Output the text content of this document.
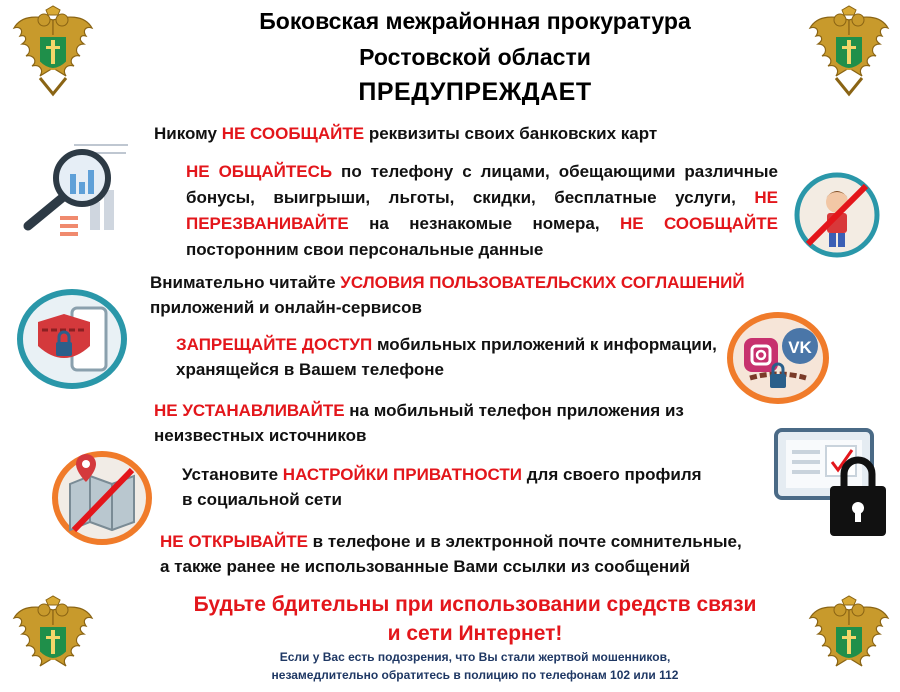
Боковская межрайонная прокуратура
Ростовской области
ПРЕДУПРЕЖДАЕТ
Никому НЕ СООБЩАЙТЕ реквизиты своих банковских карт
НЕ ОБЩАЙТЕСЬ по телефону с лицами, обещающими различные бонусы, выигрыши, льготы, скидки, бесплатные услуги, НЕ ПЕРЕЗВАНИВАЙТЕ на незнакомые номера, НЕ СООБЩАЙТЕ посторонним свои персональные данные
Внимательно читайте УСЛОВИЯ ПОЛЬЗОВАТЕЛЬСКИХ СОГЛАШЕНИЙ
приложений и онлайн-сервисов
ЗАПРЕЩАЙТЕ ДОСТУП мобильных приложений к информации,
хранящейся в Вашем телефоне
VK
НЕ УСТАНАВЛИВАЙТЕ на мобильный телефон приложения из
неизвестных источников
Установите НАСТРОЙКИ ПРИВАТНОСТИ для своего профиля
в социальной сети
НЕ ОТКРЫВАЙТЕ в телефоне и в электронной почте сомнительные,
а также ранее не использованные Вами ссылки из сообщений
Будьте бдительны при использовании средств связи
и сети Интернет!
Если у Вас есть подозрения, что Вы стали жертвой мошенников,
незамедлительно обратитесь в полицию по телефонам 102 или 112
